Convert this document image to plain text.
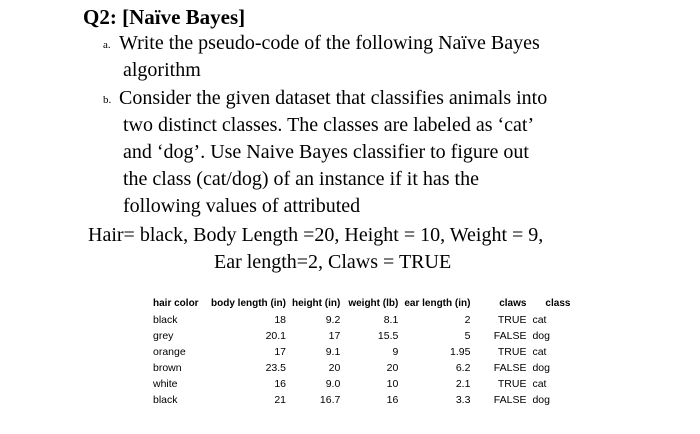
Q2: [Naïve Bayes]
a. Write the pseudo-code of the following Naïve Bayes
algorithm
b. Consider the given dataset that classifies animals into
two distinct classes. The classes are labeled as ‘cat’
and ‘dog’. Use Naive Bayes classifier to figure out
the class (cat/dog) of an instance if it has the
following values of attributed
Hair= black, Body Length =20, Height = 10, Weight = 9,
Ear length=2, Claws = TRUE
hair color	body length (in)	height (in)	weight (lb)	ear length (in)	claws	class
black	18	9.2	8.1	2	TRUE	cat
grey	20.1	17	15.5	5	FALSE	dog
orange	17	9.1	9	1.95	TRUE	cat
brown	23.5	20	20	6.2	FALSE	dog
white	16	9.0	10	2.1	TRUE	cat
black	21	16.7	16	3.3	FALSE	dog
